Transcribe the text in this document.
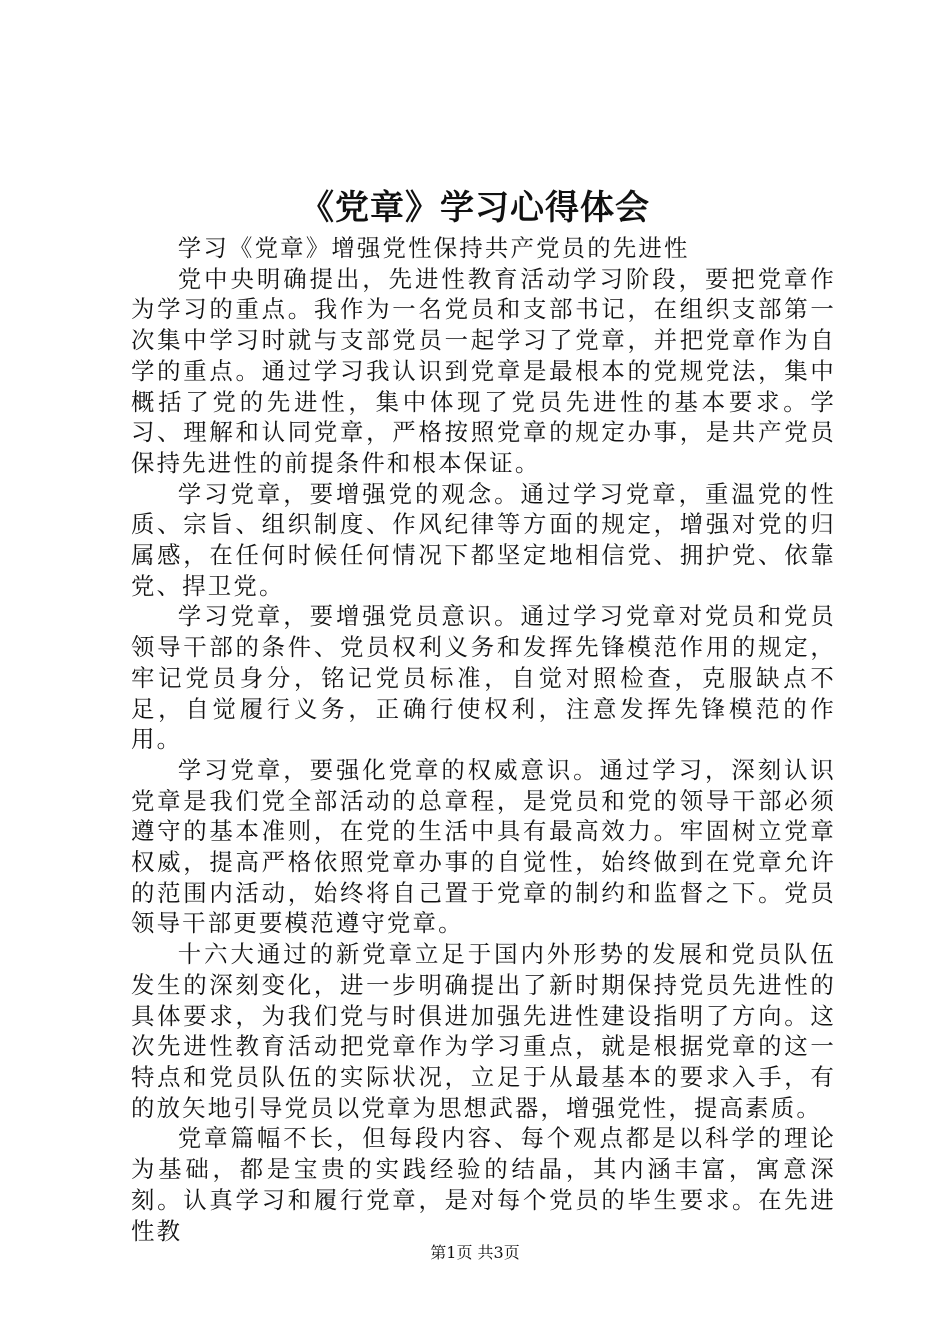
《党章》学习心得体会

学习《党章》增强党性保持共产党员的先进性

党中央明确提出，先进性教育活动学习阶段，要把党章作为学习的重点。我作为一名党员和支部书记，在组织支部第一次集中学习时就与支部党员一起学习了党章，并把党章作为自学的重点。通过学习我认识到党章是最根本的党规党法，集中概括了党的先进性，集中体现了党员先进性的基本要求。学习、理解和认同党章，严格按照党章的规定办事，是共产党员保持先进性的前提条件和根本保证。

学习党章，要增强党的观念。通过学习党章，重温党的性质、宗旨、组织制度、作风纪律等方面的规定，增强对党的归属感，在任何时候任何情况下都坚定地相信党、拥护党、依靠党、捍卫党。

学习党章，要增强党员意识。通过学习党章对党员和党员领导干部的条件、党员权利义务和发挥先锋模范作用的规定，牢记党员身分，铭记党员标准，自觉对照检查，克服缺点不足，自觉履行义务，正确行使权利，注意发挥先锋模范的作用。

学习党章，要强化党章的权威意识。通过学习，深刻认识党章是我们党全部活动的总章程，是党员和党的领导干部必须遵守的基本准则，在党的生活中具有最高效力。牢固树立党章权威，提高严格依照党章办事的自觉性，始终做到在党章允许的范围内活动，始终将自己置于党章的制约和监督之下。党员领导干部更要模范遵守党章。

十六大通过的新党章立足于国内外形势的发展和党员队伍发生的深刻变化，进一步明确提出了新时期保持党员先进性的具体要求，为我们党与时俱进加强先进性建设指明了方向。这次先进性教育活动把党章作为学习重点，就是根据党章的这一特点和党员队伍的实际状况，立足于从最基本的要求入手，有的放矢地引导党员以党章为思想武器，增强党性，提高素质。

党章篇幅不长，但每段内容、每个观点都是以科学的理论为基础，都是宝贵的实践经验的结晶，其内涵丰富，寓意深刻。认真学习和履行党章，是对每个党员的毕生要求。在先进性教

第1页 共3页
